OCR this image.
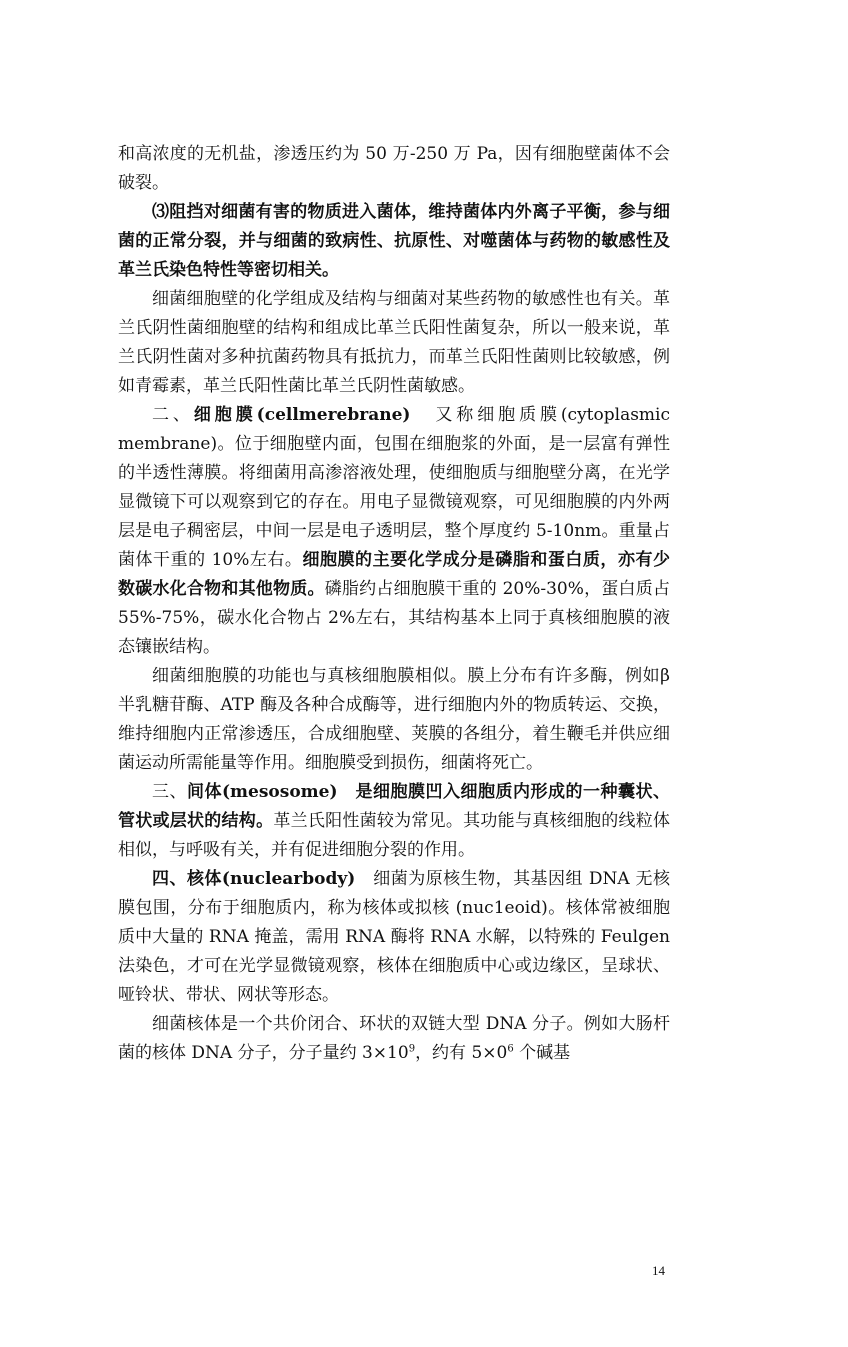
和高浓度的无机盐，渗透压约为 50 万-250 万 Pa，因有细胞壁菌体不会破裂。

⑶阻挡对细菌有害的物质进入菌体，维持菌体内外离子平衡，参与细菌的正常分裂，并与细菌的致病性、抗原性、对噬菌体与药物的敏感性及革兰氏染色特性等密切相关。

细菌细胞壁的化学组成及结构与细菌对某些药物的敏感性也有关。革兰氏阴性菌细胞壁的结构和组成比革兰氏阳性菌复杂，所以一般来说，革兰氏阴性菌对多种抗菌药物具有抵抗力，而革兰氏阳性菌则比较敏感，例如青霉素，革兰氏阳性菌比革兰氏阴性菌敏感。

二、细胞膜(cellmerebrane)　又称细胞质膜(cytoplasmic membrane)。位于细胞壁内面，包围在细胞浆的外面，是一层富有弹性的半透性薄膜。将细菌用高渗溶液处理，使细胞质与细胞壁分离，在光学显微镜下可以观察到它的存在。用电子显微镜观察，可见细胞膜的内外两层是电子稠密层，中间一层是电子透明层，整个厚度约 5-10nm。重量占菌体干重的 10%左右。细胞膜的主要化学成分是磷脂和蛋白质，亦有少数碳水化合物和其他物质。磷脂约占细胞膜干重的 20%-30%，蛋白质占 55%-75%，碳水化合物占 2%左右，其结构基本上同于真核细胞膜的液态镶嵌结构。

细菌细胞膜的功能也与真核细胞膜相似。膜上分布有许多酶，例如β半乳糖苷酶、ATP 酶及各种合成酶等，进行细胞内外的物质转运、交换，维持细胞内正常渗透压，合成细胞壁、荚膜的各组分，着生鞭毛并供应细菌运动所需能量等作用。细胞膜受到损伤，细菌将死亡。

三、间体(mesosome)　是细胞膜凹入细胞质内形成的一种囊状、管状或层状的结构。革兰氏阳性菌较为常见。其功能与真核细胞的线粒体相似，与呼吸有关，并有促进细胞分裂的作用。

四、核体(nuclearbody)　细菌为原核生物，其基因组 DNA 无核膜包围，分布于细胞质内，称为核体或拟核 (nuc1eoid)。核体常被细胞质中大量的 RNA 掩盖，需用 RNA 酶将 RNA 水解，以特殊的 Feulgen 法染色，才可在光学显微镜观察，核体在细胞质中心或边缘区，呈球状、哑铃状、带状、网状等形态。

细菌核体是一个共价闭合、环状的双链大型 DNA 分子。例如大肠杆菌的核体 DNA 分子，分子量约 $3\times 10^9$，约有 $5\times 0^6$ 个碱基

14
